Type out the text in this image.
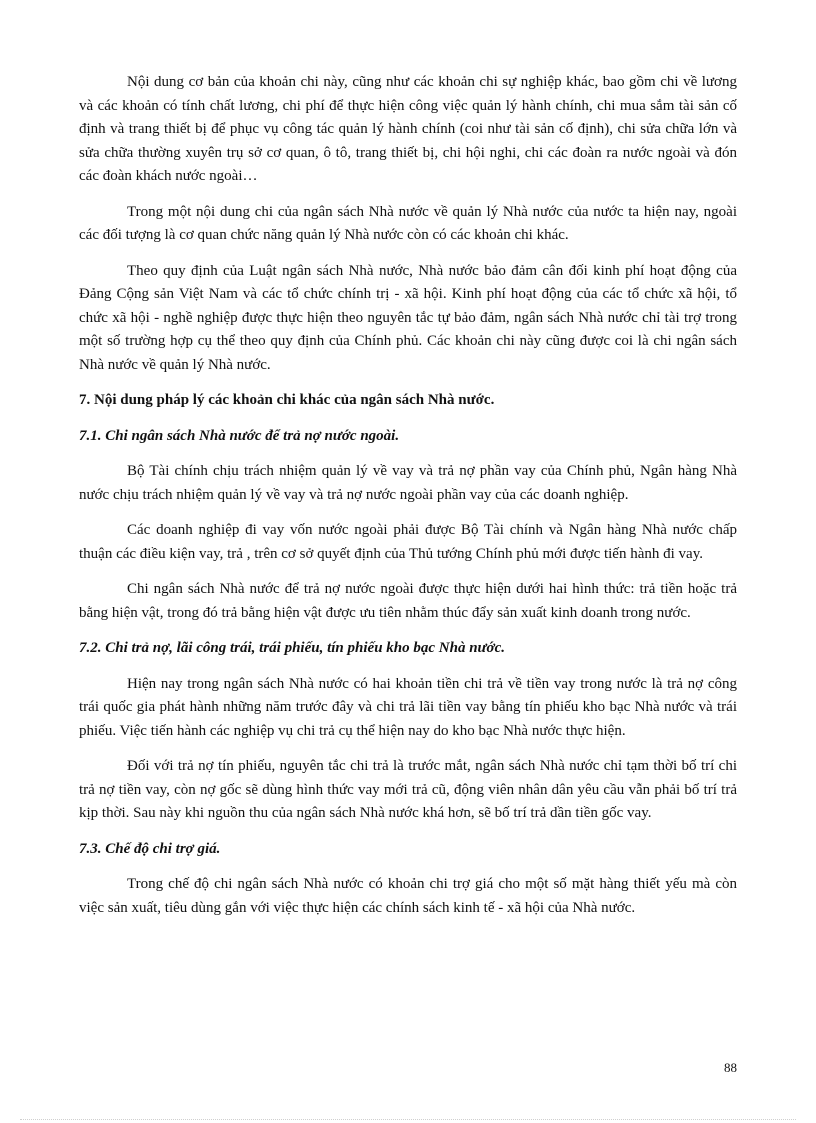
Nội dung cơ bản của khoản chi này, cũng như các khoản chi sự nghiệp khác, bao gồm chi về lương và các khoản có tính chất lương, chi phí để thực hiện công việc quản lý hành chính, chi mua sắm tài sản cố định và trang thiết bị để phục vụ công tác quản lý hành chính (coi như tài sản cố định), chi sửa chữa lớn và sửa chữa thường xuyên trụ sở cơ quan, ô tô, trang thiết bị, chi hội nghi, chi các đoàn ra nước ngoài và đón các đoàn khách nước ngoài…

Trong một nội dung chi của ngân sách Nhà nước về quản lý Nhà nước của nước ta hiện nay, ngoài các đối tượng là cơ quan chức năng quản lý Nhà nước còn có các khoản chi khác.

Theo quy định của Luật ngân sách Nhà nước, Nhà nước bảo đảm cân đối kinh phí hoạt động của Đảng Cộng sản Việt Nam và các tổ chức chính trị - xã hội. Kinh phí hoạt động của các tổ chức xã hội, tổ chức xã hội - nghề nghiệp được thực hiện theo nguyên tắc tự bảo đảm, ngân sách Nhà nước chỉ tài trợ trong một số trường hợp cụ thể theo quy định của Chính phủ. Các khoản chi này cũng được coi là chi ngân sách Nhà nước về quản lý Nhà nước.

7. Nội dung pháp lý các khoản chi khác của ngân sách Nhà nước.
7.1. Chi ngân sách Nhà nước để trả nợ nước ngoài.

Bộ Tài chính chịu trách nhiệm quản lý về vay và trả nợ phần vay của Chính phủ, Ngân hàng Nhà nước chịu trách nhiệm quản lý về vay và trả nợ nước ngoài phần vay của các doanh nghiệp.

Các doanh nghiệp đi vay vốn nước ngoài phải được Bộ Tài chính và Ngân hàng Nhà nước chấp thuận các điều kiện vay, trả , trên cơ sở quyết định của Thủ tướng Chính phủ mới được tiến hành đi vay.

Chi ngân sách Nhà nước để trả nợ nước ngoài được thực hiện dưới hai hình thức: trả tiền hoặc trả bằng hiện vật, trong đó trả bằng hiện vật được ưu tiên nhằm thúc đẩy sản xuất kinh doanh trong nước.

7.2. Chi trả nợ, lãi công trái, trái phiếu, tín phiếu kho bạc Nhà nước.

Hiện nay trong ngân sách Nhà nước có hai khoản tiền chi trả về tiền vay trong nước là trả nợ công trái quốc gia phát hành những năm trước đây và chi trả lãi tiền vay bằng tín phiếu kho bạc Nhà nước và trái phiếu. Việc tiến hành các nghiệp vụ chi trả cụ thể hiện nay do kho bạc Nhà nước thực hiện.

Đối với trả nợ tín phiếu, nguyên tắc chi trả là trước mắt, ngân sách Nhà nước chỉ tạm thời bố trí chi trả nợ tiền vay, còn nợ gốc sẽ dùng hình thức vay mới trả cũ, động viên nhân dân yêu cầu vẫn phải bố trí trả kịp thời. Sau này khi nguồn thu của ngân sách Nhà nước khá hơn, sẽ bố trí trả dần tiền gốc vay.

7.3. Chế độ chi trợ giá.

Trong chế độ chi ngân sách Nhà nước có khoản chi trợ giá cho một số mặt hàng thiết yếu mà còn việc sản xuất, tiêu dùng gắn với việc thực hiện các chính sách kinh tế - xã hội của Nhà nước.

88
